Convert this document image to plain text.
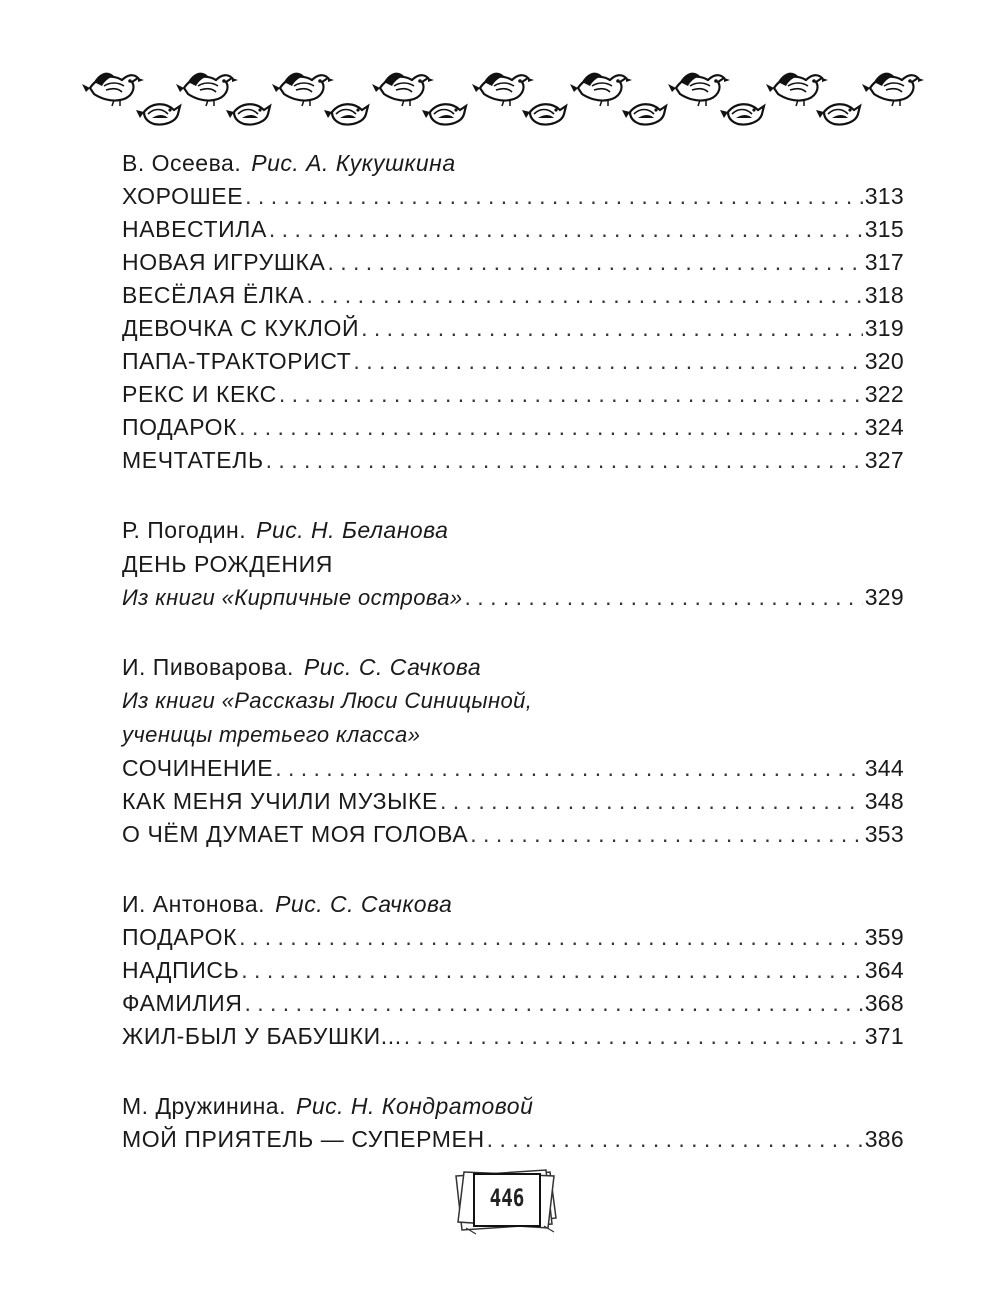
В. Осеева. Рис. А. Кукушкина
ХОРОШЕЕ . . .	313
НАВЕСТИЛА . . .	315
НОВАЯ ИГРУШКА . . .	317
ВЕСЁЛАЯ ЁЛКА . . .	318
ДЕВОЧКА С КУКЛОЙ . . .	319
ПАПА-ТРАКТОРИСТ . . .	320
РЕКС И КЕКС . . .	322
ПОДАРОК . . .	324
МЕЧТАТЕЛЬ . . .	327
Р. Погодин. Рис. Н. Беланова
ДЕНЬ РОЖДЕНИЯ
Из книги «Кирпичные острова» . . .	329
И. Пивоварова. Рис. С. Сачкова
Из книги «Рассказы Люси Синицыной,
ученицы третьего класса»
СОЧИНЕНИЕ . . .	344
КАК МЕНЯ УЧИЛИ МУЗЫКЕ . . .	348
О ЧЁМ ДУМАЕТ МОЯ ГОЛОВА . . .	353
И. Антонова. Рис. С. Сачкова
ПОДАРОК . . .	359
НАДПИСЬ . . .	364
ФАМИЛИЯ . . .	368
ЖИЛ-БЫЛ У БАБУШКИ... . . .	371
М. Дружинина. Рис. Н. Кондратовой
МОЙ ПРИЯТЕЛЬ — СУПЕРМЕН . . .	386
446
